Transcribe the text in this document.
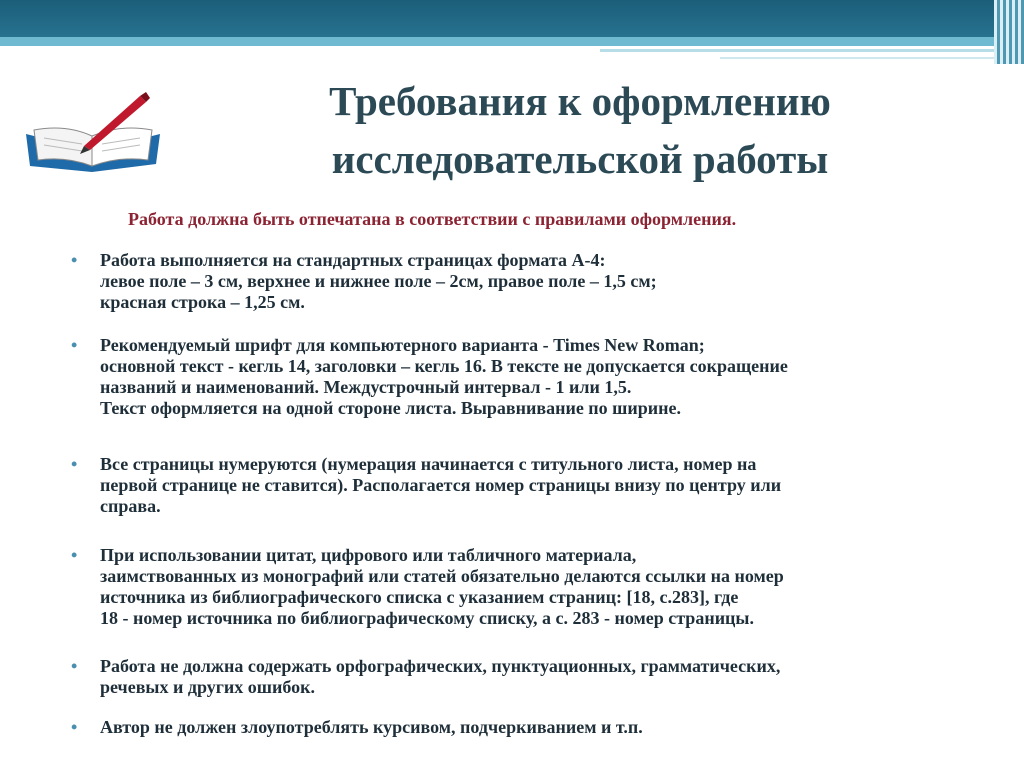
Требования к оформлению
исследовательской работы
Работа должна быть отпечатана в соответствии с правилами оформления.
• Работа выполняется на стандартных страницах формата А-4:
левое поле – 3 см, верхнее и нижнее поле – 2см, правое поле – 1,5 см;
красная строка – 1,25 см.
• Рекомендуемый шрифт для компьютерного варианта - Times New Roman;
основной текст - кегль 14, заголовки – кегль 16. В тексте не допускается сокращение
названий и наименований. Междустрочный интервал - 1 или 1,5.
Текст оформляется на одной стороне листа. Выравнивание по ширине.
• Все страницы нумеруются (нумерация начинается с титульного листа, номер на
первой странице не ставится). Располагается номер страницы внизу по центру или
справа.
• При использовании цитат, цифрового или табличного материала,
заимствованных из монографий или статей обязательно делаются ссылки на номер
источника из библиографического списка с указанием страниц: [18, с.283], где
18 - номер источника по библиографическому списку, а с. 283 - номер страницы.
• Работа не должна содержать орфографических, пунктуационных, грамматических,
речевых и других ошибок.
• Автор не должен злоупотреблять курсивом, подчеркиванием и т.п.
